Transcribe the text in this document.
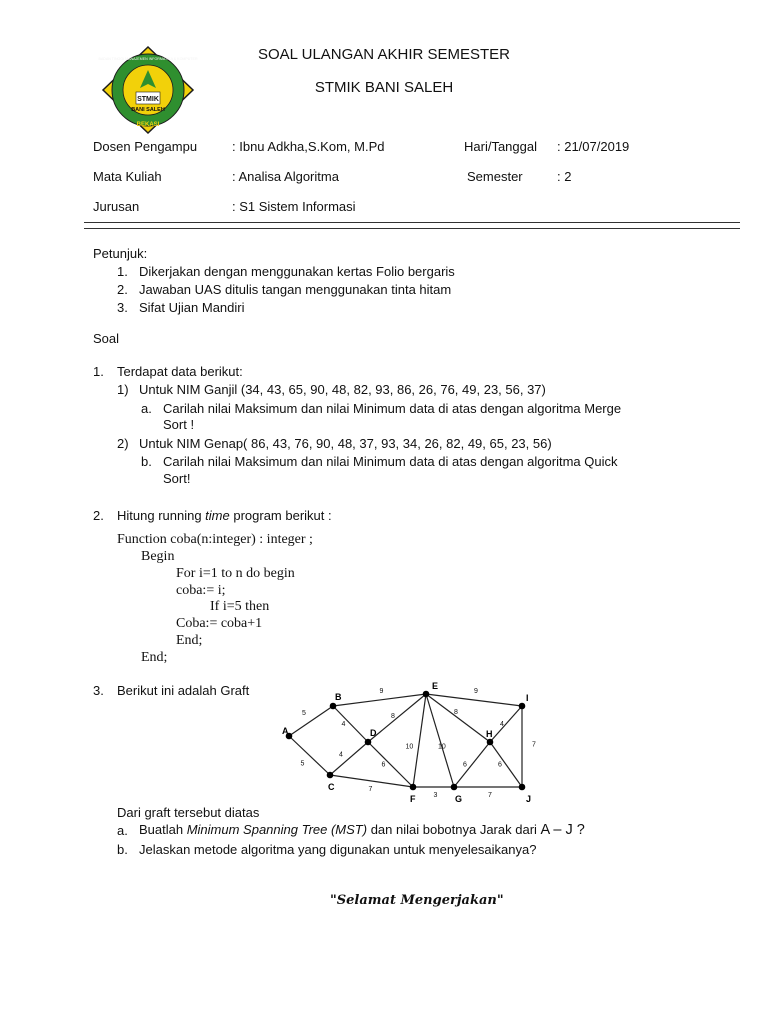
STMIK
BANI SALEH
BEKASI
BADAN TINGGI MANAJEMEN INFORMATIKA & KOMPUTER	SOAL ULANGAN AKHIR SEMESTER
STMIK BANI SALEH
Dosen Pengampu	: Ibnu Adkha,S.Kom, M.Pd	Hari/Tanggal : 21/07/2019
Mata Kuliah	: Analisa Algoritma	Semester	: 2
Jurusan	: S1 Sistem Informasi
Petunjuk:
1. Dikerjakan dengan menggunakan kertas Folio bergaris
2. Jawaban UAS ditulis tangan menggunakan tinta hitam
3. Sifat Ujian Mandiri
Soal
1. Terdapat data berikut:
1) Untuk NIM Ganjil (34, 43, 65, 90, 48, 82, 93, 86, 26, 76, 49, 23, 56, 37)
a. Carilah nilai Maksimum dan nilai Minimum data di atas dengan algoritma Merge
Sort !
2) Untuk NIM Genap( 86, 43, 76, 90, 48, 37, 93, 34, 26, 82, 49, 65, 23, 56)
b. Carilah nilai Maksimum dan nilai Minimum data di atas dengan algoritma Quick
Sort!
2. Hitung running time program berikut :
Function coba(n:integer) : integer ;
Begin
For i=1 to n do begin
coba:= i;
If i=5 then
Coba:= coba+1
End;
End;
3. Berikut ini adalah Graft
5
5
9
4
4
7
8
6
10	10
8
9
3
6
7
4
6
7
A
B
C
D
E
F	G
H
I
J
Dari graft tersebut diatas
a. Buatlah Minimum Spanning Tree (MST) dan nilai bobotnya Jarak dari A – J ?
b. Jelaskan metode algoritma yang digunakan untuk menyelesaikanya?
"Selamat Mengerjakan"
